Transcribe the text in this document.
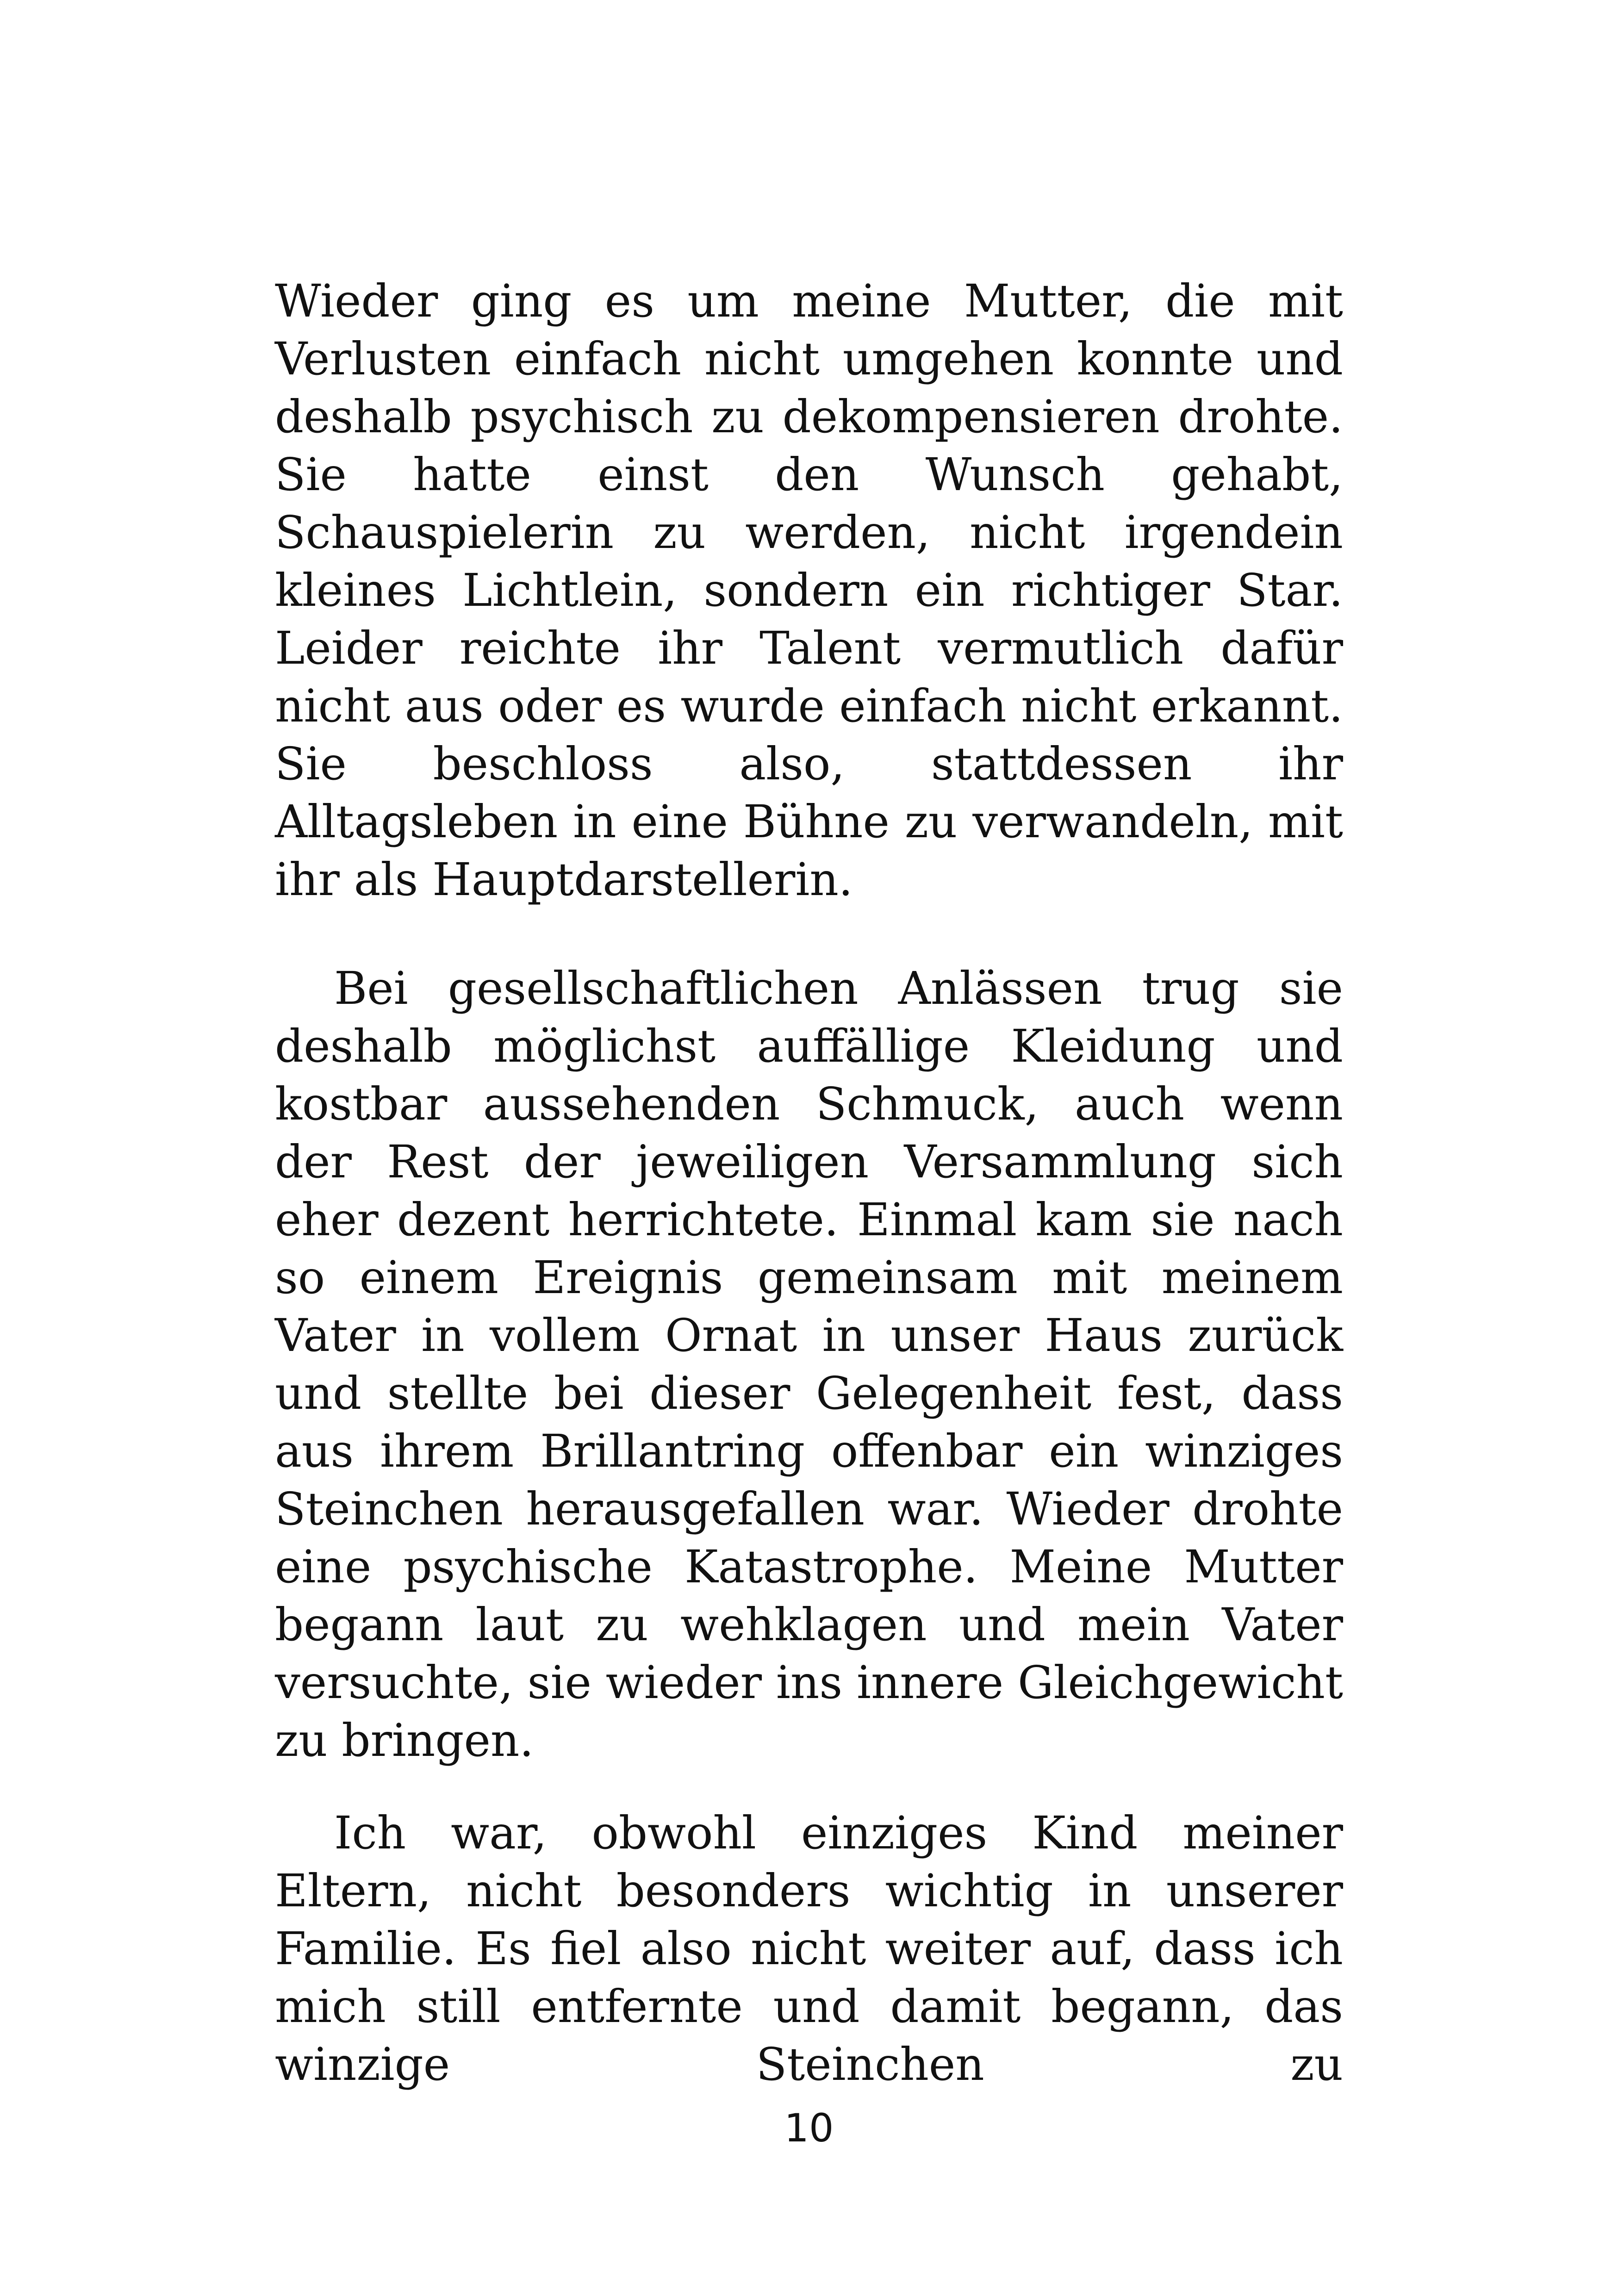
Wieder ging es um meine Mutter, die mit Verlusten einfach nicht umgehen konnte und deshalb psychisch zu dekompensieren drohte. Sie hatte einst den Wunsch gehabt, Schauspielerin zu werden, nicht irgendein kleines Lichtlein, sondern ein richtiger Star. Leider reichte ihr Talent vermutlich dafür nicht aus oder es wurde einfach nicht erkannt. Sie beschloss also, stattdessen ihr Alltagsleben in eine Bühne zu verwandeln, mit ihr als Hauptdarstellerin.

Bei gesellschaftlichen Anlässen trug sie deshalb möglichst auffällige Kleidung und kostbar aussehenden Schmuck, auch wenn der Rest der jeweiligen Versammlung sich eher dezent herrichtete. Einmal kam sie nach so einem Ereignis gemeinsam mit meinem Vater in vollem Ornat in unser Haus zurück und stellte bei dieser Gelegenheit fest, dass aus ihrem Brillantring offenbar ein winziges Steinchen herausgefallen war. Wieder drohte eine psychische Katastrophe. Meine Mutter begann laut zu wehklagen und mein Vater versuchte, sie wieder ins innere Gleichgewicht zu bringen.

Ich war, obwohl einziges Kind meiner Eltern, nicht besonders wichtig in unserer Familie. Es fiel also nicht weiter auf, dass ich mich still entfernte und damit begann, das winzige Steinchen zu

10
